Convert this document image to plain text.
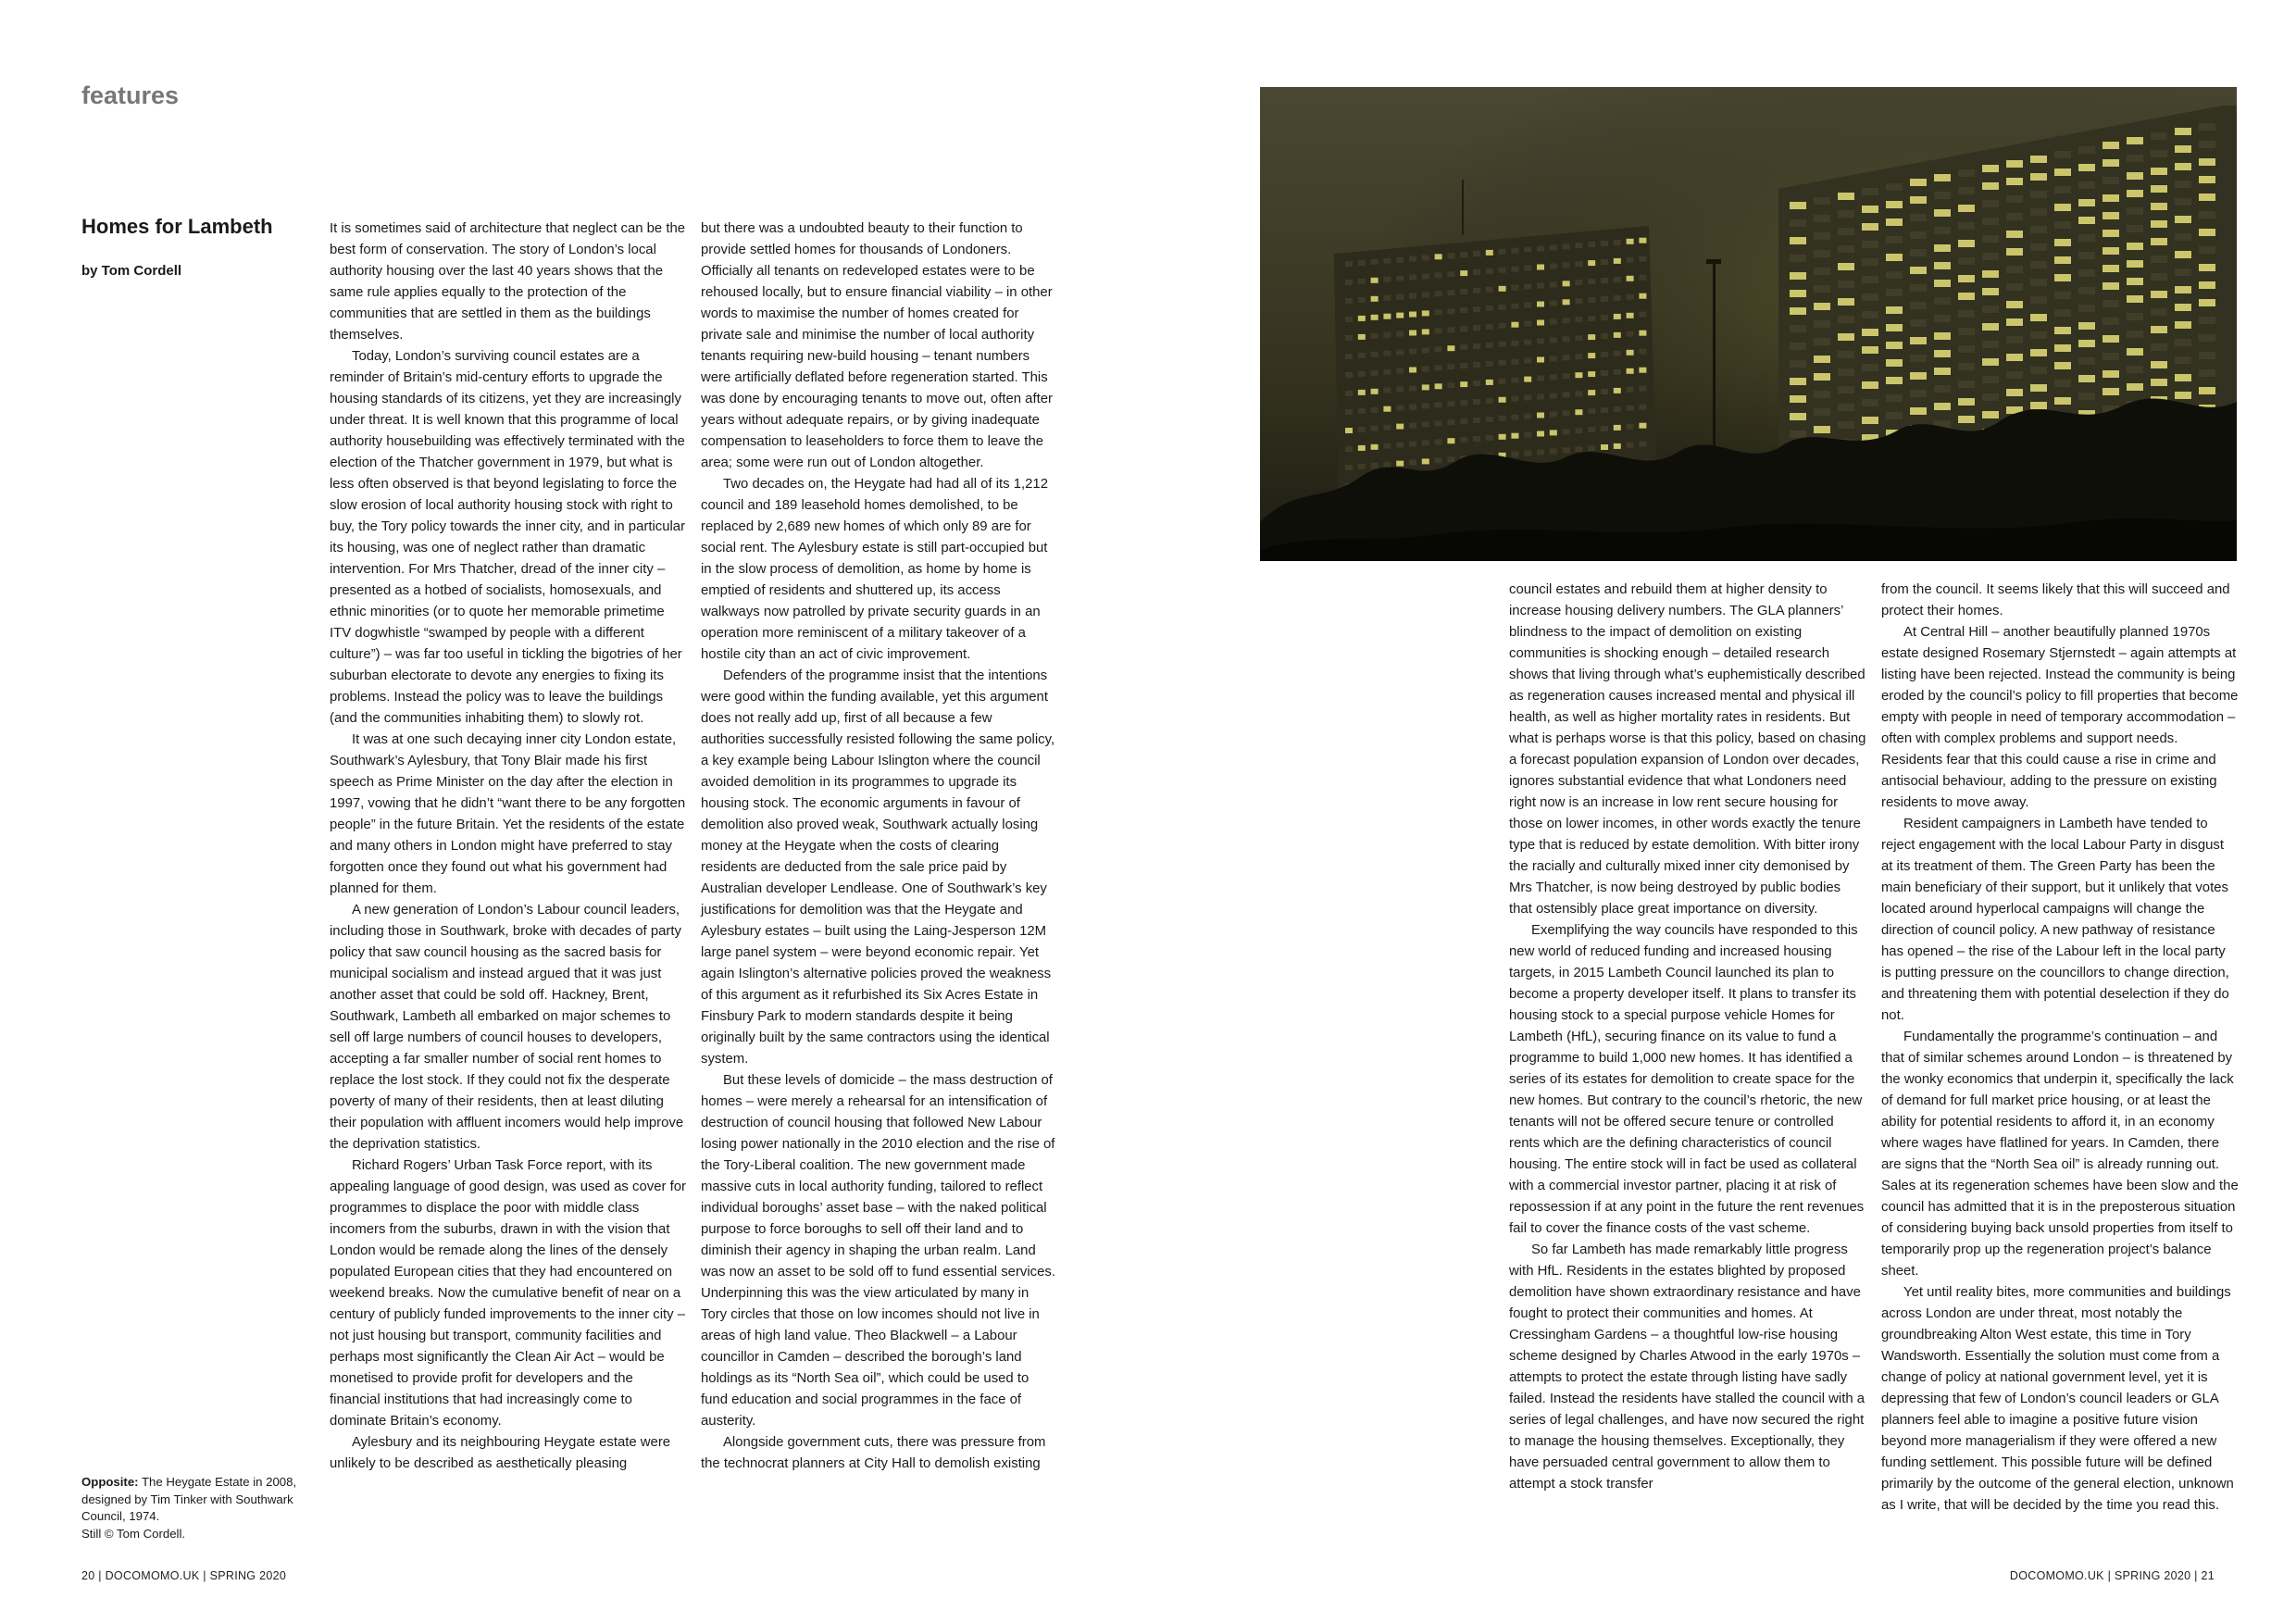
features
Homes for Lambeth

by Tom Cordell

It is sometimes said of architecture that neglect can be the best form of conservation. The story of London’s local authority housing over the last 40 years shows that the same rule applies equally to the protection of the communities that are settled in them as the buildings themselves.

Today, London’s surviving council estates are a reminder of Britain’s mid-century efforts to upgrade the housing standards of its citizens, yet they are increasingly under threat. It is well known that this programme of local authority housebuilding was effectively terminated with the election of the Thatcher government in 1979, but what is less often observed is that beyond legislating to force the slow erosion of local authority housing stock with right to buy, the Tory policy towards the inner city, and in particular its housing, was one of neglect rather than dramatic intervention. For Mrs Thatcher, dread of the inner city – presented as a hotbed of socialists, homosexuals, and ethnic minorities (or to quote her memorable primetime ITV dogwhistle “swamped by people with a different culture”) – was far too useful in tickling the bigotries of her suburban electorate to devote any energies to fixing its problems. Instead the policy was to leave the buildings (and the communities inhabiting them) to slowly rot.

It was at one such decaying inner city London estate, Southwark’s Aylesbury, that Tony Blair made his first speech as Prime Minister on the day after the election in 1997, vowing that he didn’t “want there to be any forgotten people” in the future Britain. Yet the residents of the estate and many others in London might have preferred to stay forgotten once they found out what his government had planned for them.

A new generation of London’s Labour council leaders, including those in Southwark, broke with decades of party policy that saw council housing as the sacred basis for municipal socialism and instead argued that it was just another asset that could be sold off. Hackney, Brent, Southwark, Lambeth all embarked on major schemes to sell off large numbers of council houses to developers, accepting a far smaller number of social rent homes to replace the lost stock. If they could not fix the desperate poverty of many of their residents, then at least diluting their population with affluent incomers would help improve the deprivation statistics.

Richard Rogers’ Urban Task Force report, with its appealing language of good design, was used as cover for programmes to displace the poor with middle class incomers from the suburbs, drawn in with the vision that London would be remade along the lines of the densely populated European cities that they had encountered on weekend breaks. Now the cumulative benefit of near on a century of publicly funded improvements to the inner city – not just housing but transport, community facilities and perhaps most significantly the Clean Air Act – would be monetised to provide profit for developers and the financial institutions that had increasingly come to dominate Britain’s economy.

Aylesbury and its neighbouring Heygate estate were unlikely to be described as aesthetically pleasing

but there was a undoubted beauty to their function to provide settled homes for thousands of Londoners. Officially all tenants on redeveloped estates were to be rehoused locally, but to ensure financial viability – in other words to maximise the number of homes created for private sale and minimise the number of local authority tenants requiring new-build housing – tenant numbers were artificially deflated before regeneration started. This was done by encouraging tenants to move out, often after years without adequate repairs, or by giving inadequate compensation to leaseholders to force them to leave the area; some were run out of London altogether.

Two decades on, the Heygate had had all of its 1,212 council and 189 leasehold homes demolished, to be replaced by 2,689 new homes of which only 89 are for social rent. The Aylesbury estate is still part-occupied but in the slow process of demolition, as home by home is emptied of residents and shuttered up, its access walkways now patrolled by private security guards in an operation more reminiscent of a military takeover of a hostile city than an act of civic improvement.

Defenders of the programme insist that the intentions were good within the funding available, yet this argument does not really add up, first of all because a few authorities successfully resisted following the same policy, a key example being Labour Islington where the council avoided demolition in its programmes to upgrade its housing stock. The economic arguments in favour of demolition also proved weak, Southwark actually losing money at the Heygate when the costs of clearing residents are deducted from the sale price paid by Australian developer Lendlease. One of Southwark’s key justifications for demolition was that the Heygate and Aylesbury estates – built using the Laing-Jesperson 12M large panel system – were beyond economic repair. Yet again Islington’s alternative policies proved the weakness of this argument as it refurbished its Six Acres Estate in Finsbury Park to modern standards despite it being originally built by the same contractors using the identical system.

But these levels of domicide – the mass destruction of homes – were merely a rehearsal for an intensification of destruction of council housing that followed New Labour losing power nationally in the 2010 election and the rise of the Tory-Liberal coalition. The new government made massive cuts in local authority funding, tailored to reflect individual boroughs’ asset base – with the naked political purpose to force boroughs to sell off their land and to diminish their agency in shaping the urban realm. Land was now an asset to be sold off to fund essential services. Underpinning this was the view articulated by many in Tory circles that those on low incomes should not live in areas of high land value. Theo Blackwell – a Labour councillor in Camden – described the borough’s land holdings as its “North Sea oil”, which could be used to fund education and social programmes in the face of austerity.

Alongside government cuts, there was pressure from the technocrat planners at City Hall to demolish existing

Opposite: The Heygate Estate in 2008, designed by Tim Tinker with Southwark Council, 1974.
Still © Tom Cordell.

20 | DOCOMOMO.UK | SPRING 2020

council estates and rebuild them at higher density to increase housing delivery numbers. The GLA planners’ blindness to the impact of demolition on existing communities is shocking enough – detailed research shows that living through what’s euphemistically described as regeneration causes increased mental and physical ill health, as well as higher mortality rates in residents. But what is perhaps worse is that this policy, based on chasing a forecast population expansion of London over decades, ignores substantial evidence that what Londoners need right now is an increase in low rent secure housing for those on lower incomes, in other words exactly the tenure type that is reduced by estate demolition. With bitter irony the racially and culturally mixed inner city demonised by Mrs Thatcher, is now being destroyed by public bodies that ostensibly place great importance on diversity.

Exemplifying the way councils have responded to this new world of reduced funding and increased housing targets, in 2015 Lambeth Council launched its plan to become a property developer itself. It plans to transfer its housing stock to a special purpose vehicle Homes for Lambeth (HfL), securing finance on its value to fund a programme to build 1,000 new homes. It has identified a series of its estates for demolition to create space for the new homes. But contrary to the council’s rhetoric, the new tenants will not be offered secure tenure or controlled rents which are the defining characteristics of council housing. The entire stock will in fact be used as collateral with a commercial investor partner, placing it at risk of repossession if at any point in the future the rent revenues fail to cover the finance costs of the vast scheme.

So far Lambeth has made remarkably little progress with HfL. Residents in the estates blighted by proposed demolition have shown extraordinary resistance and have fought to protect their communities and homes. At Cressingham Gardens – a thoughtful low-rise housing scheme designed by Charles Atwood in the early 1970s – attempts to protect the estate through listing have sadly failed. Instead the residents have stalled the council with a series of legal challenges, and have now secured the right to manage the housing themselves. Exceptionally, they have persuaded central government to allow them to attempt a stock transfer

from the council. It seems likely that this will succeed and protect their homes.

At Central Hill – another beautifully planned 1970s estate designed Rosemary Stjernstedt – again attempts at listing have been rejected. Instead the community is being eroded by the council’s policy to fill properties that become empty with people in need of temporary accommodation – often with complex problems and support needs. Residents fear that this could cause a rise in crime and antisocial behaviour, adding to the pressure on existing residents to move away.

Resident campaigners in Lambeth have tended to reject engagement with the local Labour Party in disgust at its treatment of them. The Green Party has been the main beneficiary of their support, but it unlikely that votes located around hyperlocal campaigns will change the direction of council policy. A new pathway of resistance has opened – the rise of the Labour left in the local party is putting pressure on the councillors to change direction, and threatening them with potential deselection if they do not.

Fundamentally the programme’s continuation – and that of similar schemes around London – is threatened by the wonky economics that underpin it, specifically the lack of demand for full market price housing, or at least the ability for potential residents to afford it, in an economy where wages have flatlined for years. In Camden, there are signs that the “North Sea oil” is already running out. Sales at its regeneration schemes have been slow and the council has admitted that it is in the preposterous situation of considering buying back unsold properties from itself to temporarily prop up the regeneration project’s balance sheet.

Yet until reality bites, more communities and buildings across London are under threat, most notably the groundbreaking Alton West estate, this time in Tory Wandsworth. Essentially the solution must come from a change of policy at national government level, yet it is depressing that few of London’s council leaders or GLA planners feel able to imagine a positive future vision beyond more managerialism if they were offered a new funding settlement. This possible future will be defined primarily by the outcome of the general election, unknown as I write, that will be decided by the time you read this.

DOCOMOMO.UK | SPRING 2020 | 21
